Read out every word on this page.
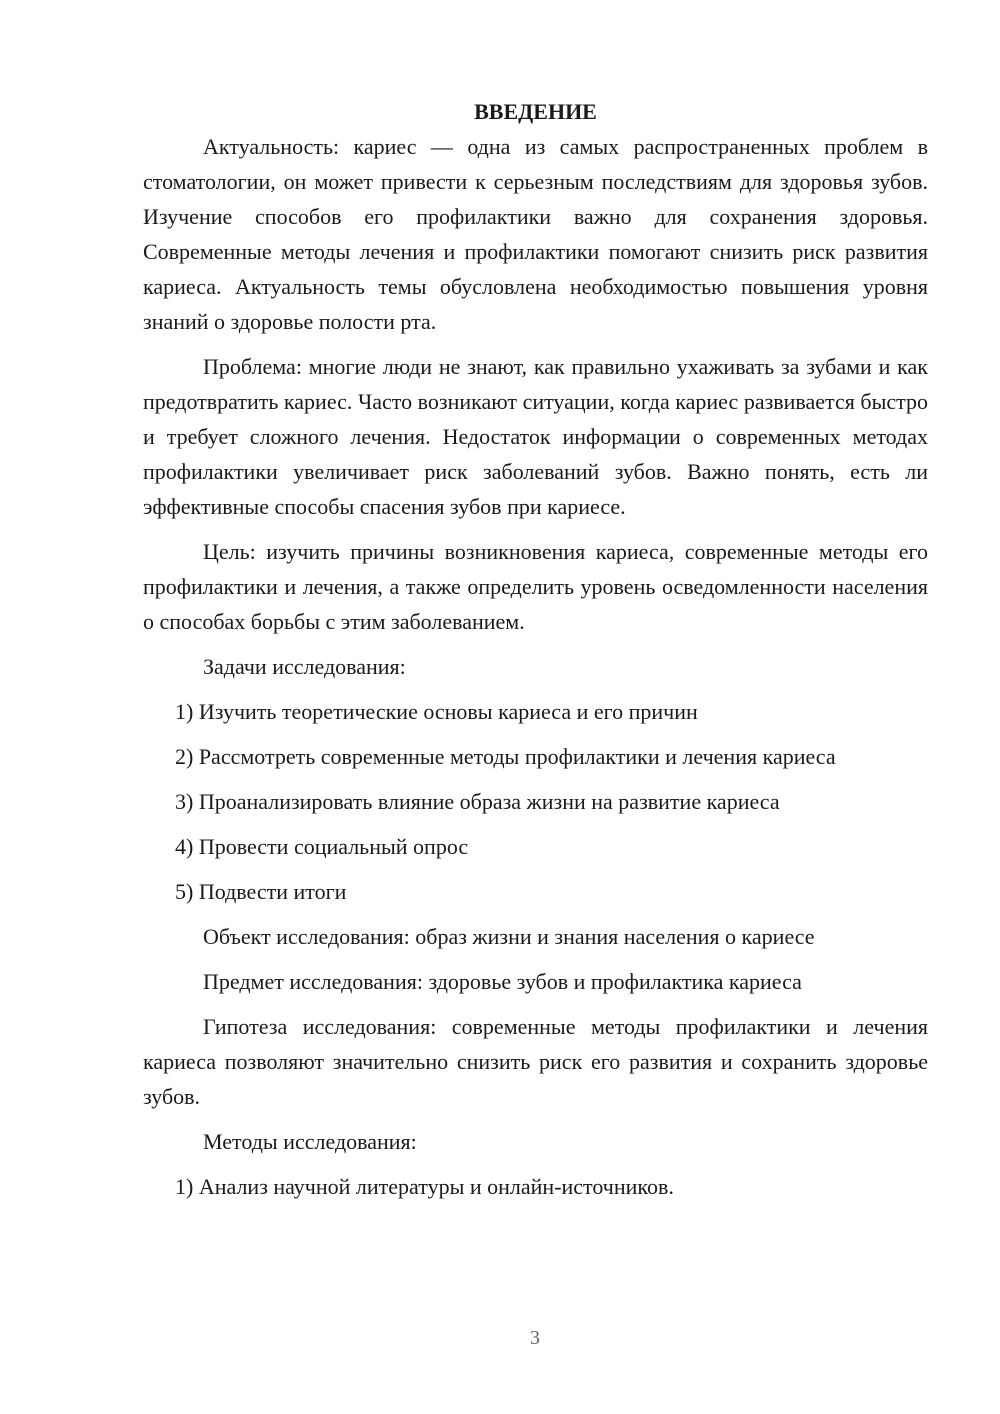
ВВЕДЕНИЕ

Актуальность: кариес — одна из самых распространенных проблем в стоматологии, он может привести к серьезным последствиям для здоровья зубов. Изучение способов его профилактики важно для сохранения здоровья. Современные методы лечения и профилактики помогают снизить риск развития кариеса. Актуальность темы обусловлена необходимостью повышения уровня знаний о здоровье полости рта.

Проблема: многие люди не знают, как правильно ухаживать за зубами и как предотвратить кариес. Часто возникают ситуации, когда кариес развивается быстро и требует сложного лечения. Недостаток информации о современных методах профилактики увеличивает риск заболеваний зубов. Важно понять, есть ли эффективные способы спасения зубов при кариесе.

Цель: изучить причины возникновения кариеса, современные методы его профилактики и лечения, а также определить уровень осведомленности населения о способах борьбы с этим заболеванием.

Задачи исследования:

1) Изучить теоретические основы кариеса и его причин

2) Рассмотреть современные методы профилактики и лечения кариеса

3) Проанализировать влияние образа жизни на развитие кариеса

4) Провести социальный опрос

5) Подвести итоги

Объект исследования: образ жизни и знания населения о кариесе

Предмет исследования: здоровье зубов и профилактика кариеса

Гипотеза исследования: современные методы профилактики и лечения кариеса позволяют значительно снизить риск его развития и сохранить здоровье зубов.

Методы исследования:

1) Анализ научной литературы и онлайн-источников.

3
